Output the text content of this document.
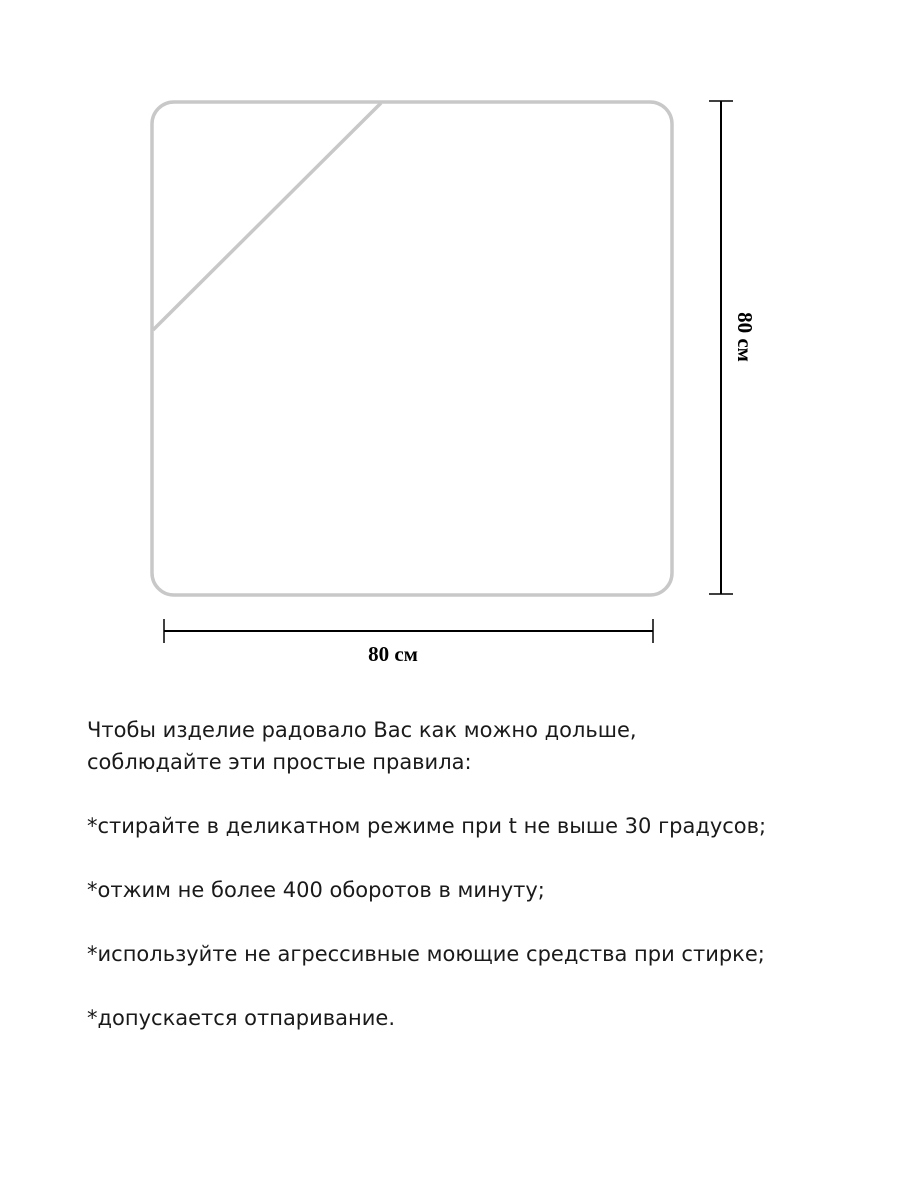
80 см
80 см

Чтобы изделие радовало Вас как можно дольше,

соблюдайте эти простые правила:

*стирайте в деликатном режиме при t не выше 30 градусов;

*отжим не более 400 оборотов в минуту;

*используйте не агрессивные моющие средства при стирке;

*допускается отпаривание.
